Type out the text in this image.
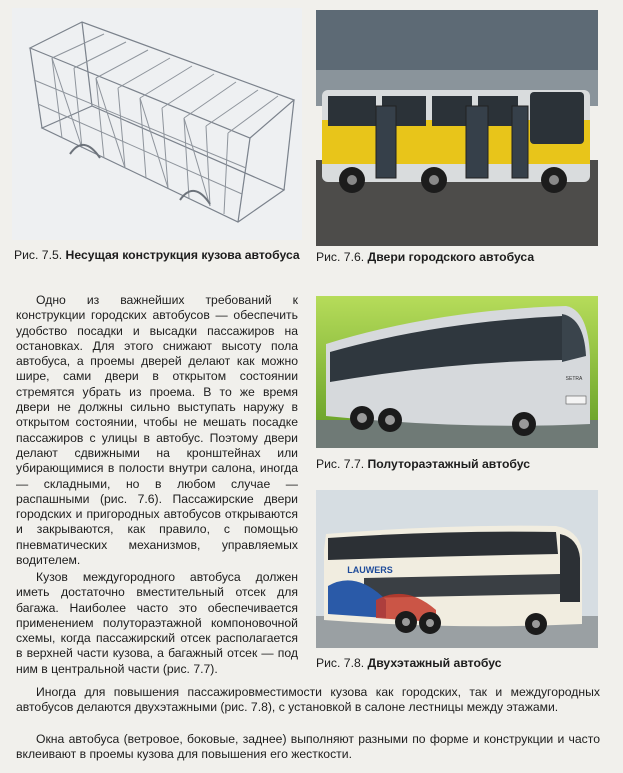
Рис. 7.5. Несущая конструкция кузова автобуса	Рис. 7.6. Двери городского автобуса

Одно из важнейших требований к конструкции городских автобусов — обеспечить удобство посадки и высадки пассажиров на остановках. Для этого снижают высоту пола автобуса, а проемы дверей делают как можно шире, сами двери в открытом состоянии стремятся убрать из проема. В то же время двери не должны сильно выступать наружу в открытом состоянии, чтобы не мешать посадке пассажиров с улицы в автобус. Поэтому двери делают сдвижными на кронштейнах или убирающимися в полости внутри салона, иногда — складными, но в любом случае — распашными (рис. 7.6). Пассажирские двери городских и пригородных автобусов открываются и закрываются, как правило, с помощью пневматических механизмов, управляемых водителем.

SETRA

Рис. 7.7. Полутораэтажный автобус

LAUWERS

Кузов междугородного автобуса должен иметь достаточно вместительный отсек для багажа. Наиболее часто это обеспечивается применением полутораэтажной компоновочной схемы, когда пассажирский отсек располагается в верхней части кузова, а багажный отсек — под ним в центральной части (рис. 7.7).	Рис. 7.8. Двухэтажный автобус

Иногда для повышения пассажировместимости кузова как городских, так и междугородных автобусов делаются двухэтажными (рис. 7.8), с установкой в салоне лестницы между этажами.

Окна автобуса (ветровое, боковые, заднее) выполняют разными по форме и конструкции и часто вклеивают в проемы кузова для повышения его жесткости.
